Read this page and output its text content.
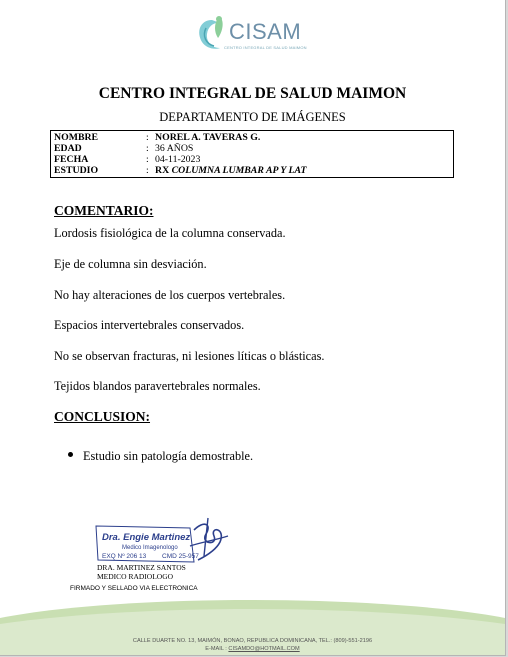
CISAM
CENTRO INTEGRAL DE SALUD MAIMON
CENTRO INTEGRAL DE SALUD MAIMON
DEPARTAMENTO DE IMÁGENES
NOMBRE	: NOREL A. TAVERAS G.
EDAD	: 36 AÑOS
FECHA	: 04-11-2023
ESTUDIO	: RX COLUMNA LUMBAR AP Y LAT
COMENTARIO:
Lordosis fisiológica de la columna conservada.
Eje de columna sin desviación.
No hay alteraciones de los cuerpos vertebrales.
Espacios intervertebrales conservados.
No se observan fracturas, ni lesiones líticas o blásticas.
Tejidos blandos paravertebrales normales.
CONCLUSION:
Estudio sin patología demostrable.
Dra. Engie Martinez
Medico Imagenologo
EXQ Nº 206 13 CMD 25-957
DRA. MARTINEZ SANTOS
MEDICO RADIOLOGO
FIRMADO Y SELLADO VIA ELECTRONICA
CALLE DUARTE NO. 13, MAIMÓN, BONAO, REPUBLICA DOMINICANA, TEL.: (809)-551-2196
E-MAIL : CISAMDO@HOTMAIL.COM
